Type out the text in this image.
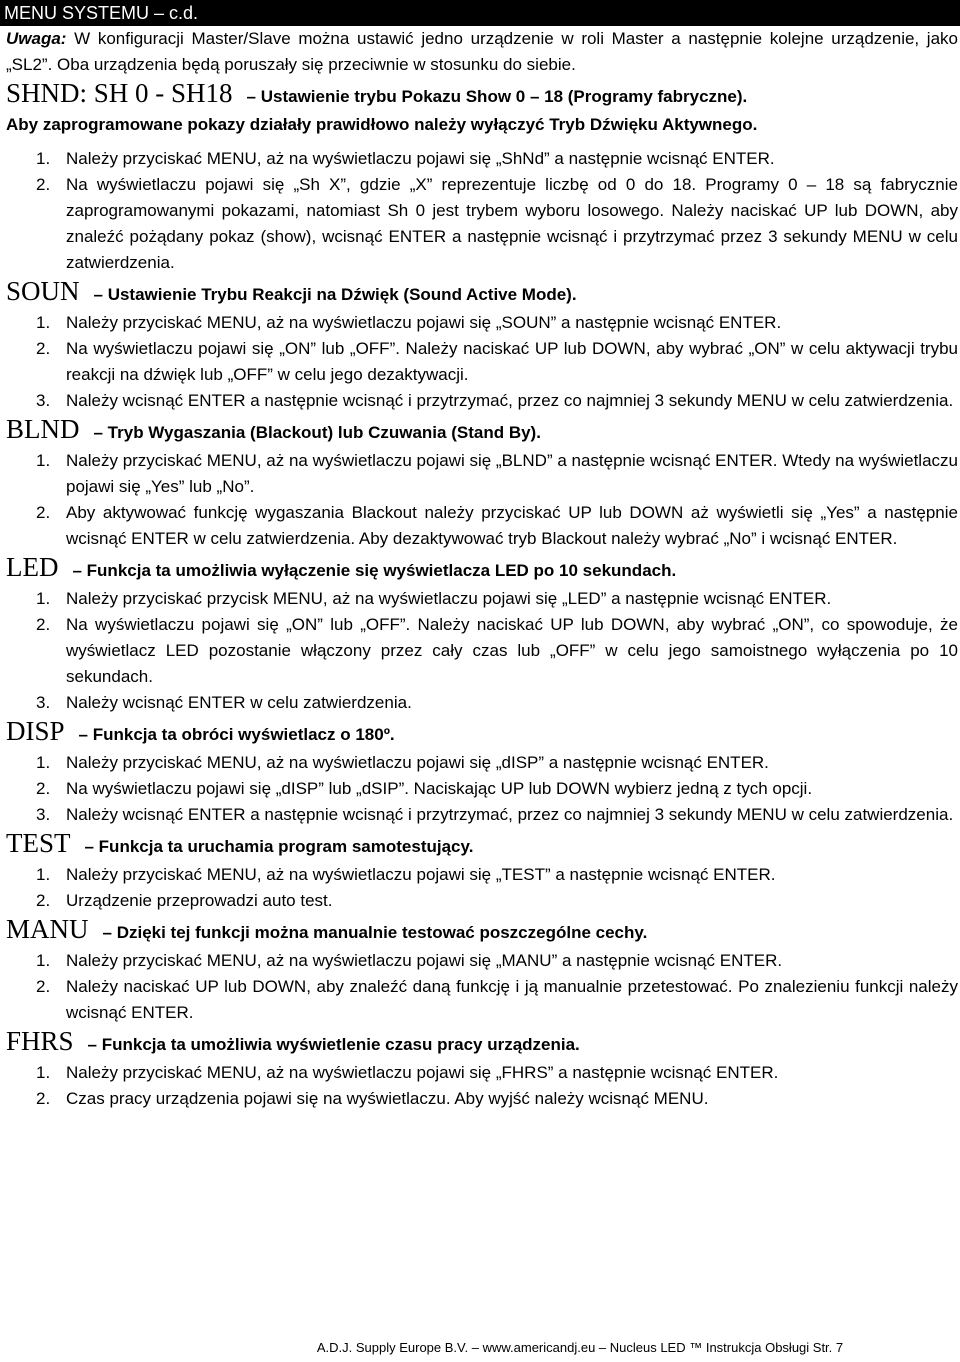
MENU SYSTEMU – c.d.

Uwaga: W konfiguracji Master/Slave można ustawić jedno urządzenie w roli Master a następnie kolejne urządzenie, jako „SL2”. Oba urządzenia będą poruszały się przeciwnie w stosunku do siebie.

SHND: SH 0 - SH18 – Ustawienie trybu Pokazu Show 0 – 18 (Programy fabryczne).

Aby zaprogramowane pokazy działały prawidłowo należy wyłączyć Tryb Dźwięku Aktywnego.

1. Należy przyciskać MENU, aż na wyświetlaczu pojawi się „ShNd” a następnie wcisnąć ENTER.
2. Na wyświetlaczu pojawi się „Sh X”, gdzie „X” reprezentuje liczbę od 0 do 18. Programy 0 – 18 są fabrycznie zaprogramowanymi pokazami, natomiast Sh 0 jest trybem wyboru losowego. Należy naciskać UP lub DOWN, aby znaleźć pożądany pokaz (show), wcisnąć ENTER a następnie wcisnąć i przytrzymać przez 3 sekundy MENU w celu zatwierdzenia.
SOUN – Ustawienie Trybu Reakcji na Dźwięk (Sound Active Mode).
1. Należy przyciskać MENU, aż na wyświetlaczu pojawi się „SOUN” a następnie wcisnąć ENTER.
2. Na wyświetlaczu pojawi się „ON” lub „OFF”. Należy naciskać UP lub DOWN, aby wybrać „ON” w celu aktywacji trybu reakcji na dźwięk lub „OFF” w celu jego dezaktywacji.
3. Należy wcisnąć ENTER a następnie wcisnąć i przytrzymać, przez co najmniej 3 sekundy MENU w celu zatwierdzenia.
BLND – Tryb Wygaszania (Blackout) lub Czuwania (Stand By).
1. Należy przyciskać MENU, aż na wyświetlaczu pojawi się „BLND” a następnie wcisnąć ENTER. Wtedy na wyświetlaczu pojawi się „Yes” lub „No”.
2. Aby aktywować funkcję wygaszania Blackout należy przyciskać UP lub DOWN aż wyświetli się „Yes” a następnie wcisnąć ENTER w celu zatwierdzenia. Aby dezaktywować tryb Blackout należy wybrać „No” i wcisnąć ENTER.
LED – Funkcja ta umożliwia wyłączenie się wyświetlacza LED po 10 sekundach.
1. Należy przyciskać przycisk MENU, aż na wyświetlaczu pojawi się „LED” a następnie wcisnąć ENTER.
2. Na wyświetlaczu pojawi się „ON” lub „OFF”. Należy naciskać UP lub DOWN, aby wybrać „ON”, co spowoduje, że wyświetlacz LED pozostanie włączony przez cały czas lub „OFF” w celu jego samoistnego wyłączenia po 10 sekundach.
3. Należy wcisnąć ENTER w celu zatwierdzenia.
DISP – Funkcja ta obróci wyświetlacz o 180º.
1. Należy przyciskać MENU, aż na wyświetlaczu pojawi się „dISP” a następnie wcisnąć ENTER.
2. Na wyświetlaczu pojawi się „dISP” lub „dSIP”. Naciskając UP lub DOWN wybierz jedną z tych opcji.
3. Należy wcisnąć ENTER a następnie wcisnąć i przytrzymać, przez co najmniej 3 sekundy MENU w celu zatwierdzenia.
TEST – Funkcja ta uruchamia program samotestujący.
1. Należy przyciskać MENU, aż na wyświetlaczu pojawi się „TEST” a następnie wcisnąć ENTER.
2. Urządzenie przeprowadzi auto test.
MANU – Dzięki tej funkcji można manualnie testować poszczególne cechy.
1. Należy przyciskać MENU, aż na wyświetlaczu pojawi się „MANU” a następnie wcisnąć ENTER.
2. Należy naciskać UP lub DOWN, aby znaleźć daną funkcję i ją manualnie przetestować. Po znalezieniu funkcji należy wcisnąć ENTER.
FHRS – Funkcja ta umożliwia wyświetlenie czasu pracy urządzenia.
1. Należy przyciskać MENU, aż na wyświetlaczu pojawi się „FHRS” a następnie wcisnąć ENTER.
2. Czas pracy urządzenia pojawi się na wyświetlaczu. Aby wyjść należy wcisnąć MENU.
A.D.J. Supply Europe B.V. – www.americandj.eu – Nucleus LED ™ Instrukcja Obsługi Str. 7
